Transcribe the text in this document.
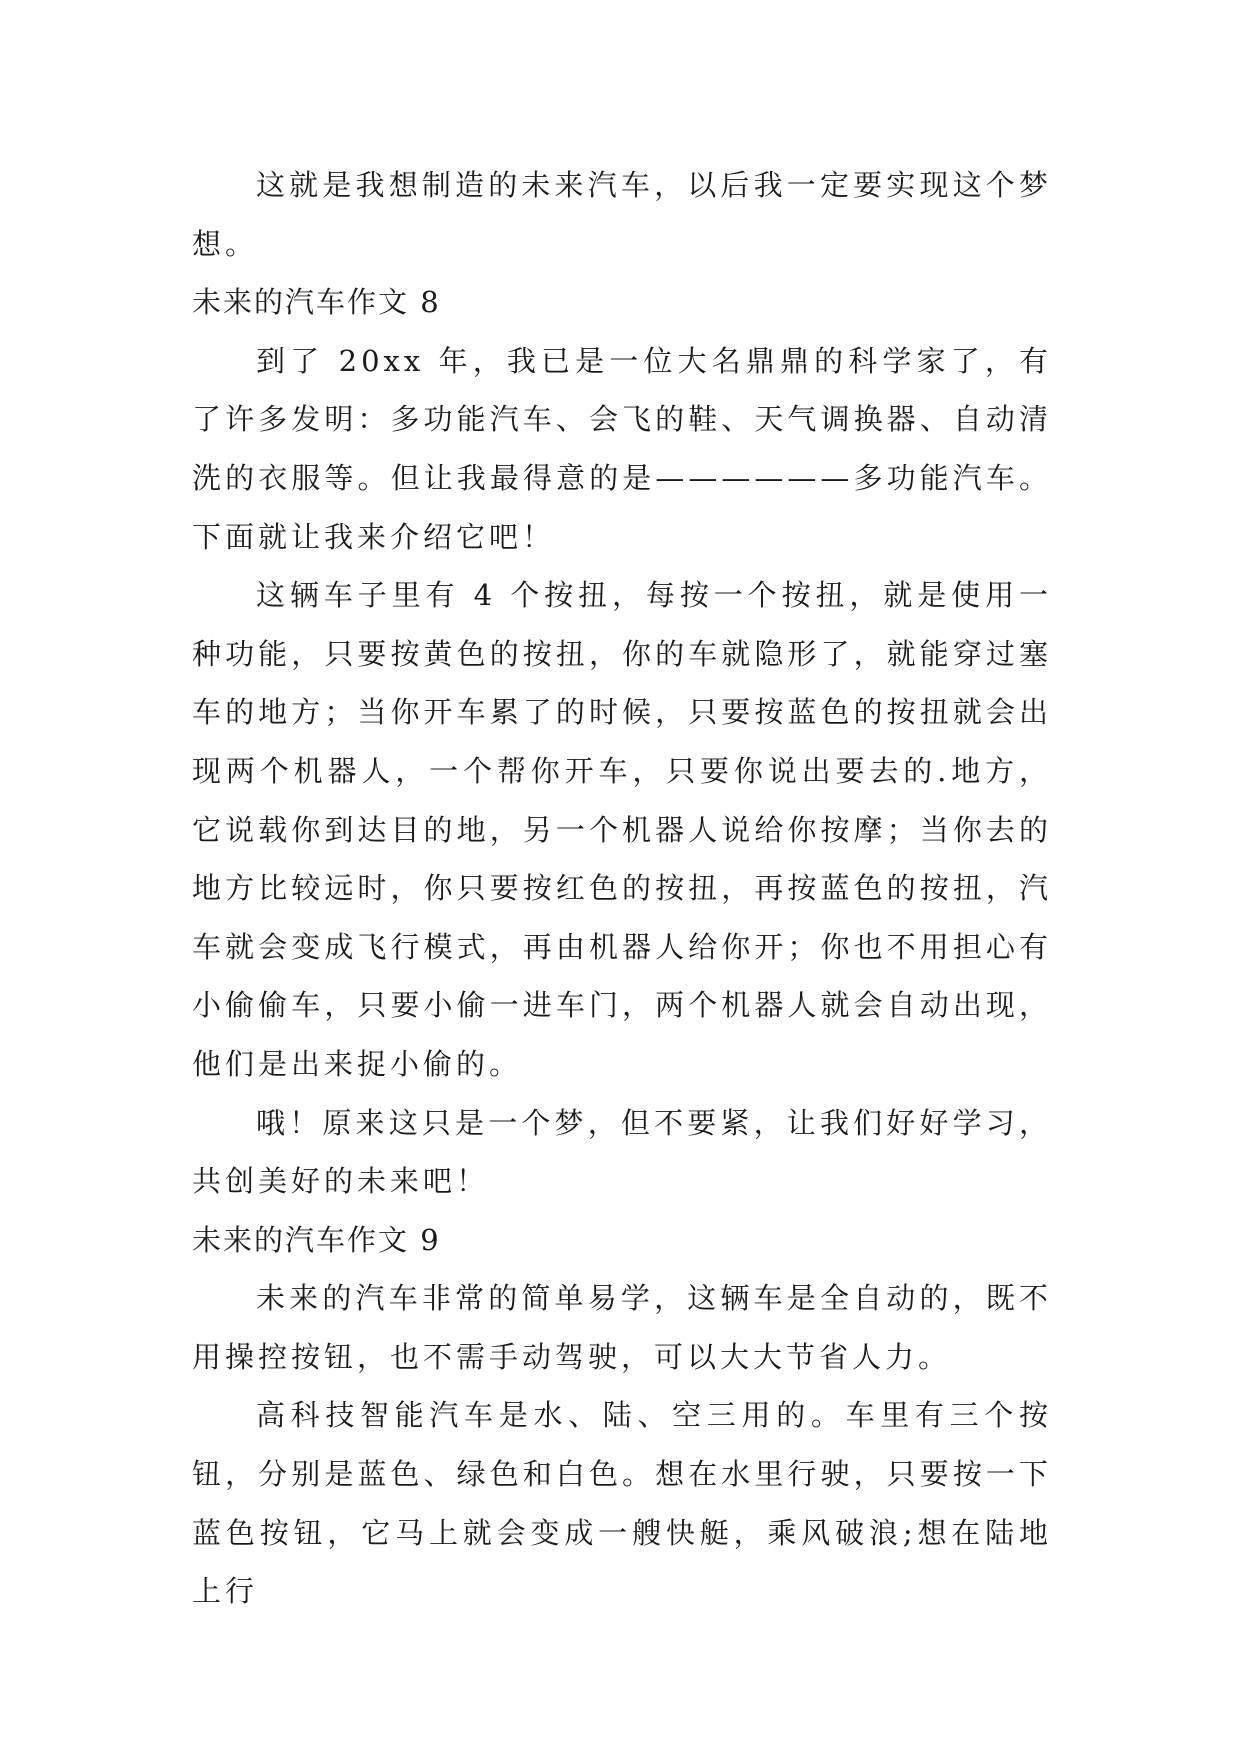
这就是我想制造的未来汽车，以后我一定要实现这个梦想。

未来的汽车作文 8

到了 20xx 年，我已是一位大名鼎鼎的科学家了，有了许多发明：多功能汽车、会飞的鞋、天气调换器、自动清洗的衣服等。但让我最得意的是——————多功能汽车。下面就让我来介绍它吧！

这辆车子里有 4 个按扭，每按一个按扭，就是使用一种功能，只要按黄色的按扭，你的车就隐形了，就能穿过塞车的地方；当你开车累了的时候，只要按蓝色的按扭就会出现两个机器人，一个帮你开车，只要你说出要去的.地方，它说载你到达目的地，另一个机器人说给你按摩；当你去的地方比较远时，你只要按红色的按扭，再按蓝色的按扭，汽车就会变成飞行模式，再由机器人给你开；你也不用担心有小偷偷车，只要小偷一进车门，两个机器人就会自动出现，他们是出来捉小偷的。

哦！原来这只是一个梦，但不要紧，让我们好好学习，共创美好的未来吧！

未来的汽车作文 9

未来的汽车非常的简单易学，这辆车是全自动的，既不用操控按钮，也不需手动驾驶，可以大大节省人力。

高科技智能汽车是水、陆、空三用的。车里有三个按钮，分别是蓝色、绿色和白色。想在水里行驶，只要按一下蓝色按钮，它马上就会变成一艘快艇，乘风破浪;想在陆地上行
